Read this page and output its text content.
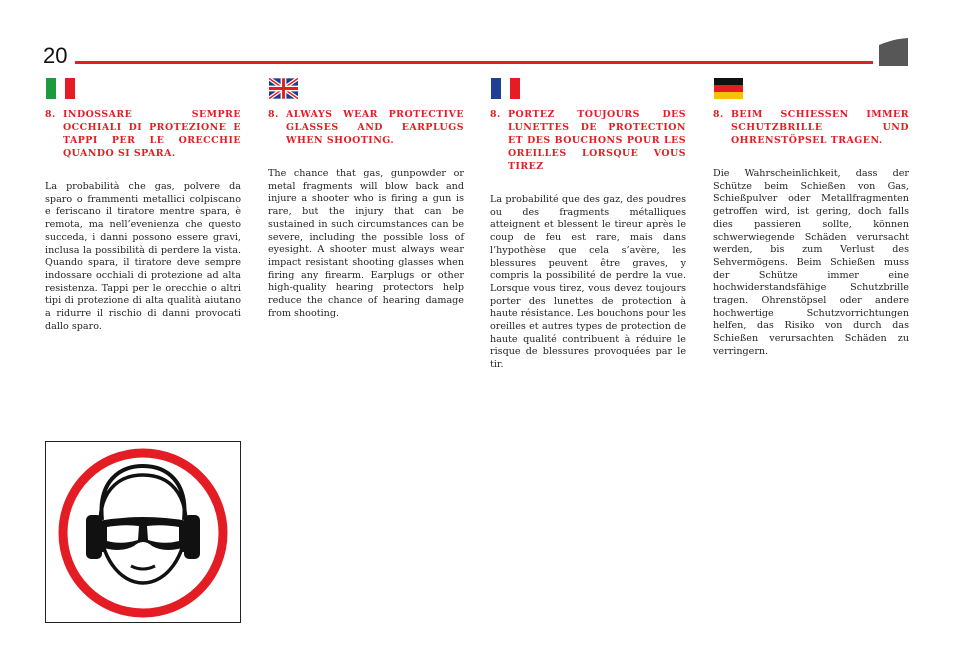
20
8. INDOSSARE SEMPRE OCCHIALI DI PROTEZIONE E TAPPI PER LE ORECCHIE QUANDO SI SPARA.
La probabilità che gas, polvere da sparo o frammenti metallici colpiscano e feriscano il tiratore mentre spara, è remota, ma nell’evenienza che questo succeda, i danni possono essere gravi, inclusa la possibilità di perdere la vista. Quando spara, il tiratore deve sempre indossare occhiali di protezione ad alta resistenza. Tappi per le orecchie o altri tipi di protezione di alta qualità aiutano a ridurre il rischio di danni provocati dallo sparo.
8. ALWAYS WEAR PROTECTIVE GLASSES AND EARPLUGS WHEN SHOOTING.
The chance that gas, gunpowder or metal fragments will blow back and injure a shooter who is firing a gun is rare, but the injury that can be sustained in such circumstances can be severe, including the possible loss of eyesight. A shooter must always wear impact resistant shooting glasses when firing any firearm. Earplugs or other high-quality hearing protectors help reduce the chance of hearing damage from shooting.
8. PORTEZ TOUJOURS DES LUNETTES DE PROTECTION ET DES BOUCHONS POUR LES OREILLES LORSQUE VOUS TIREZ
La probabilité que des gaz, des poudres ou des fragments métalliques atteignent et blessent le tireur après le coup de feu est rare, mais dans l’hypothèse que cela s’avère, les blessures peuvent être graves, y compris la possibilité de perdre la vue. Lorsque vous tirez, vous devez toujours porter des lunettes de protection à haute résistance. Les bouchons pour les oreilles et autres types de protection de haute qualité contribuent à réduire le risque de blessures provoquées par le tir.
8. BEIM SCHIESSEN IMMER SCHUTZBRILLE UND OHRENSTÖPSEL TRAGEN.
Die Wahrscheinlichkeit, dass der Schütze beim Schießen von Gas, Schießpulver oder Metallfragmenten getroffen wird, ist gering, doch falls dies passieren sollte, können schwerwiegende Schäden verursacht werden, bis zum Verlust des Sehvermögens. Beim Schießen muss der Schütze immer eine hochwiderstandsfähige Schutzbrille tragen. Ohrenstöpsel oder andere hochwertige Schutzvorrichtungen helfen, das Risiko von durch das Schießen verursachten Schäden zu verringern.
